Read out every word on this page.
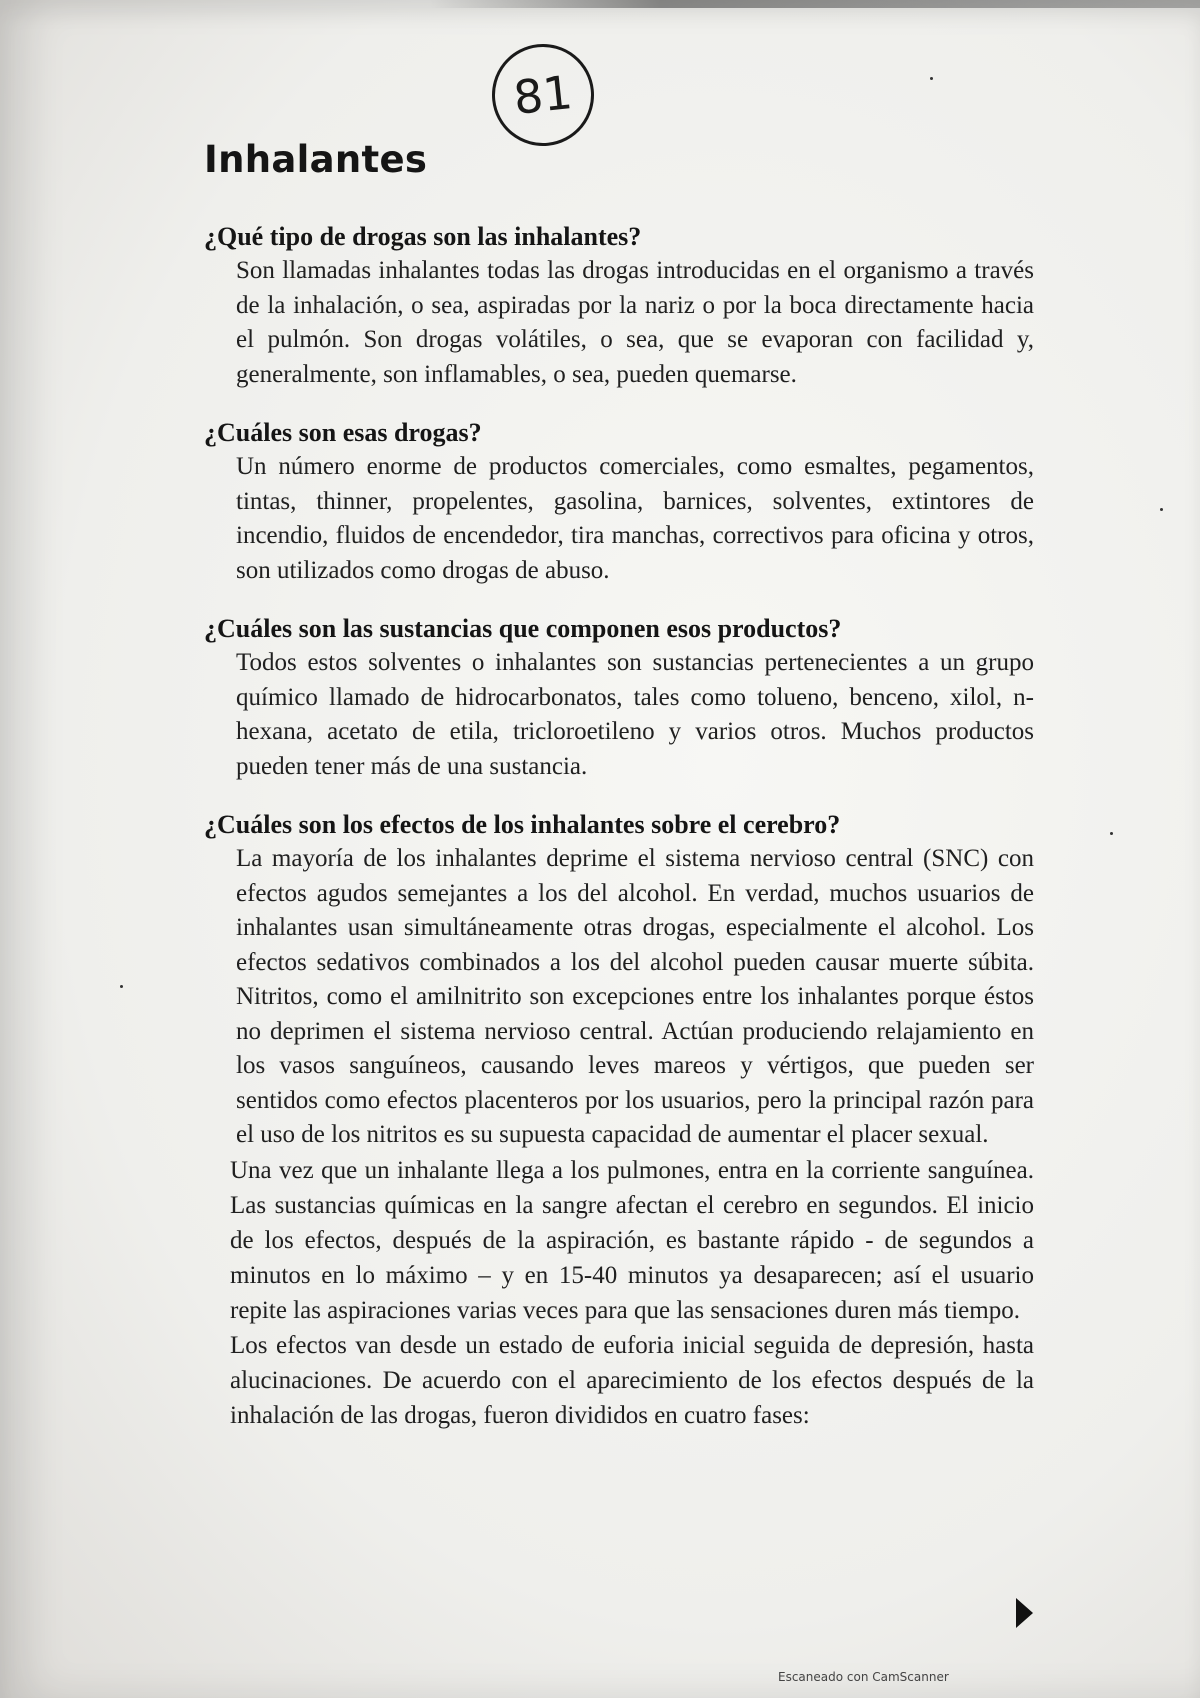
81
Inhalantes

¿Qué tipo de drogas son las inhalantes?

Son llamadas inhalantes todas las drogas introducidas en el organismo a través de la inhalación, o sea, aspiradas por la nariz o por la boca directamente hacia el pulmón. Son drogas volátiles, o sea, que se evaporan con facilidad y, generalmente, son inflamables, o sea, pueden quemarse.

¿Cuáles son esas drogas?

Un número enorme de productos comerciales, como esmaltes, pegamentos, tintas, thinner, propelentes, gasolina, barnices, solventes, extintores de incendio, fluidos de encendedor, tira manchas, correctivos para oficina y otros, son utilizados como drogas de abuso.

¿Cuáles son las sustancias que componen esos productos?

Todos estos solventes o inhalantes son sustancias pertenecientes a un grupo químico llamado de hidrocarbonatos, tales como tolueno, benceno, xilol, n-hexana, acetato de etila, tricloroetileno y varios otros. Muchos productos pueden tener más de una sustancia.

¿Cuáles son los efectos de los inhalantes sobre el cerebro?

La mayoría de los inhalantes deprime el sistema nervioso central (SNC) con efectos agudos semejantes a los del alcohol. En verdad, muchos usuarios de inhalantes usan simultáneamente otras drogas, especialmente el alcohol. Los efectos sedativos combinados a los del alcohol pueden causar muerte súbita. Nitritos, como el amilnitrito son excepciones entre los inhalantes porque éstos no deprimen el sistema nervioso central. Actúan produciendo relajamiento en los vasos sanguíneos, causando leves mareos y vértigos, que pueden ser sentidos como efectos placenteros por los usuarios, pero la principal razón para el uso de los nitritos es su supuesta capacidad de aumentar el placer sexual.

Una vez que un inhalante llega a los pulmones, entra en la corriente sanguínea. Las sustancias químicas en la sangre afectan el cerebro en segundos. El inicio de los efectos, después de la aspiración, es bastante rápido - de segundos a minutos en lo máximo – y en 15-40 minutos ya desaparecen; así el usuario repite las aspiraciones varias veces para que las sensaciones duren más tiempo.

Los efectos van desde un estado de euforia inicial seguida de depresión, hasta alucinaciones. De acuerdo con el aparecimiento de los efectos después de la inhalación de las drogas, fueron divididos en cuatro fases:

Escaneado con CamScanner
